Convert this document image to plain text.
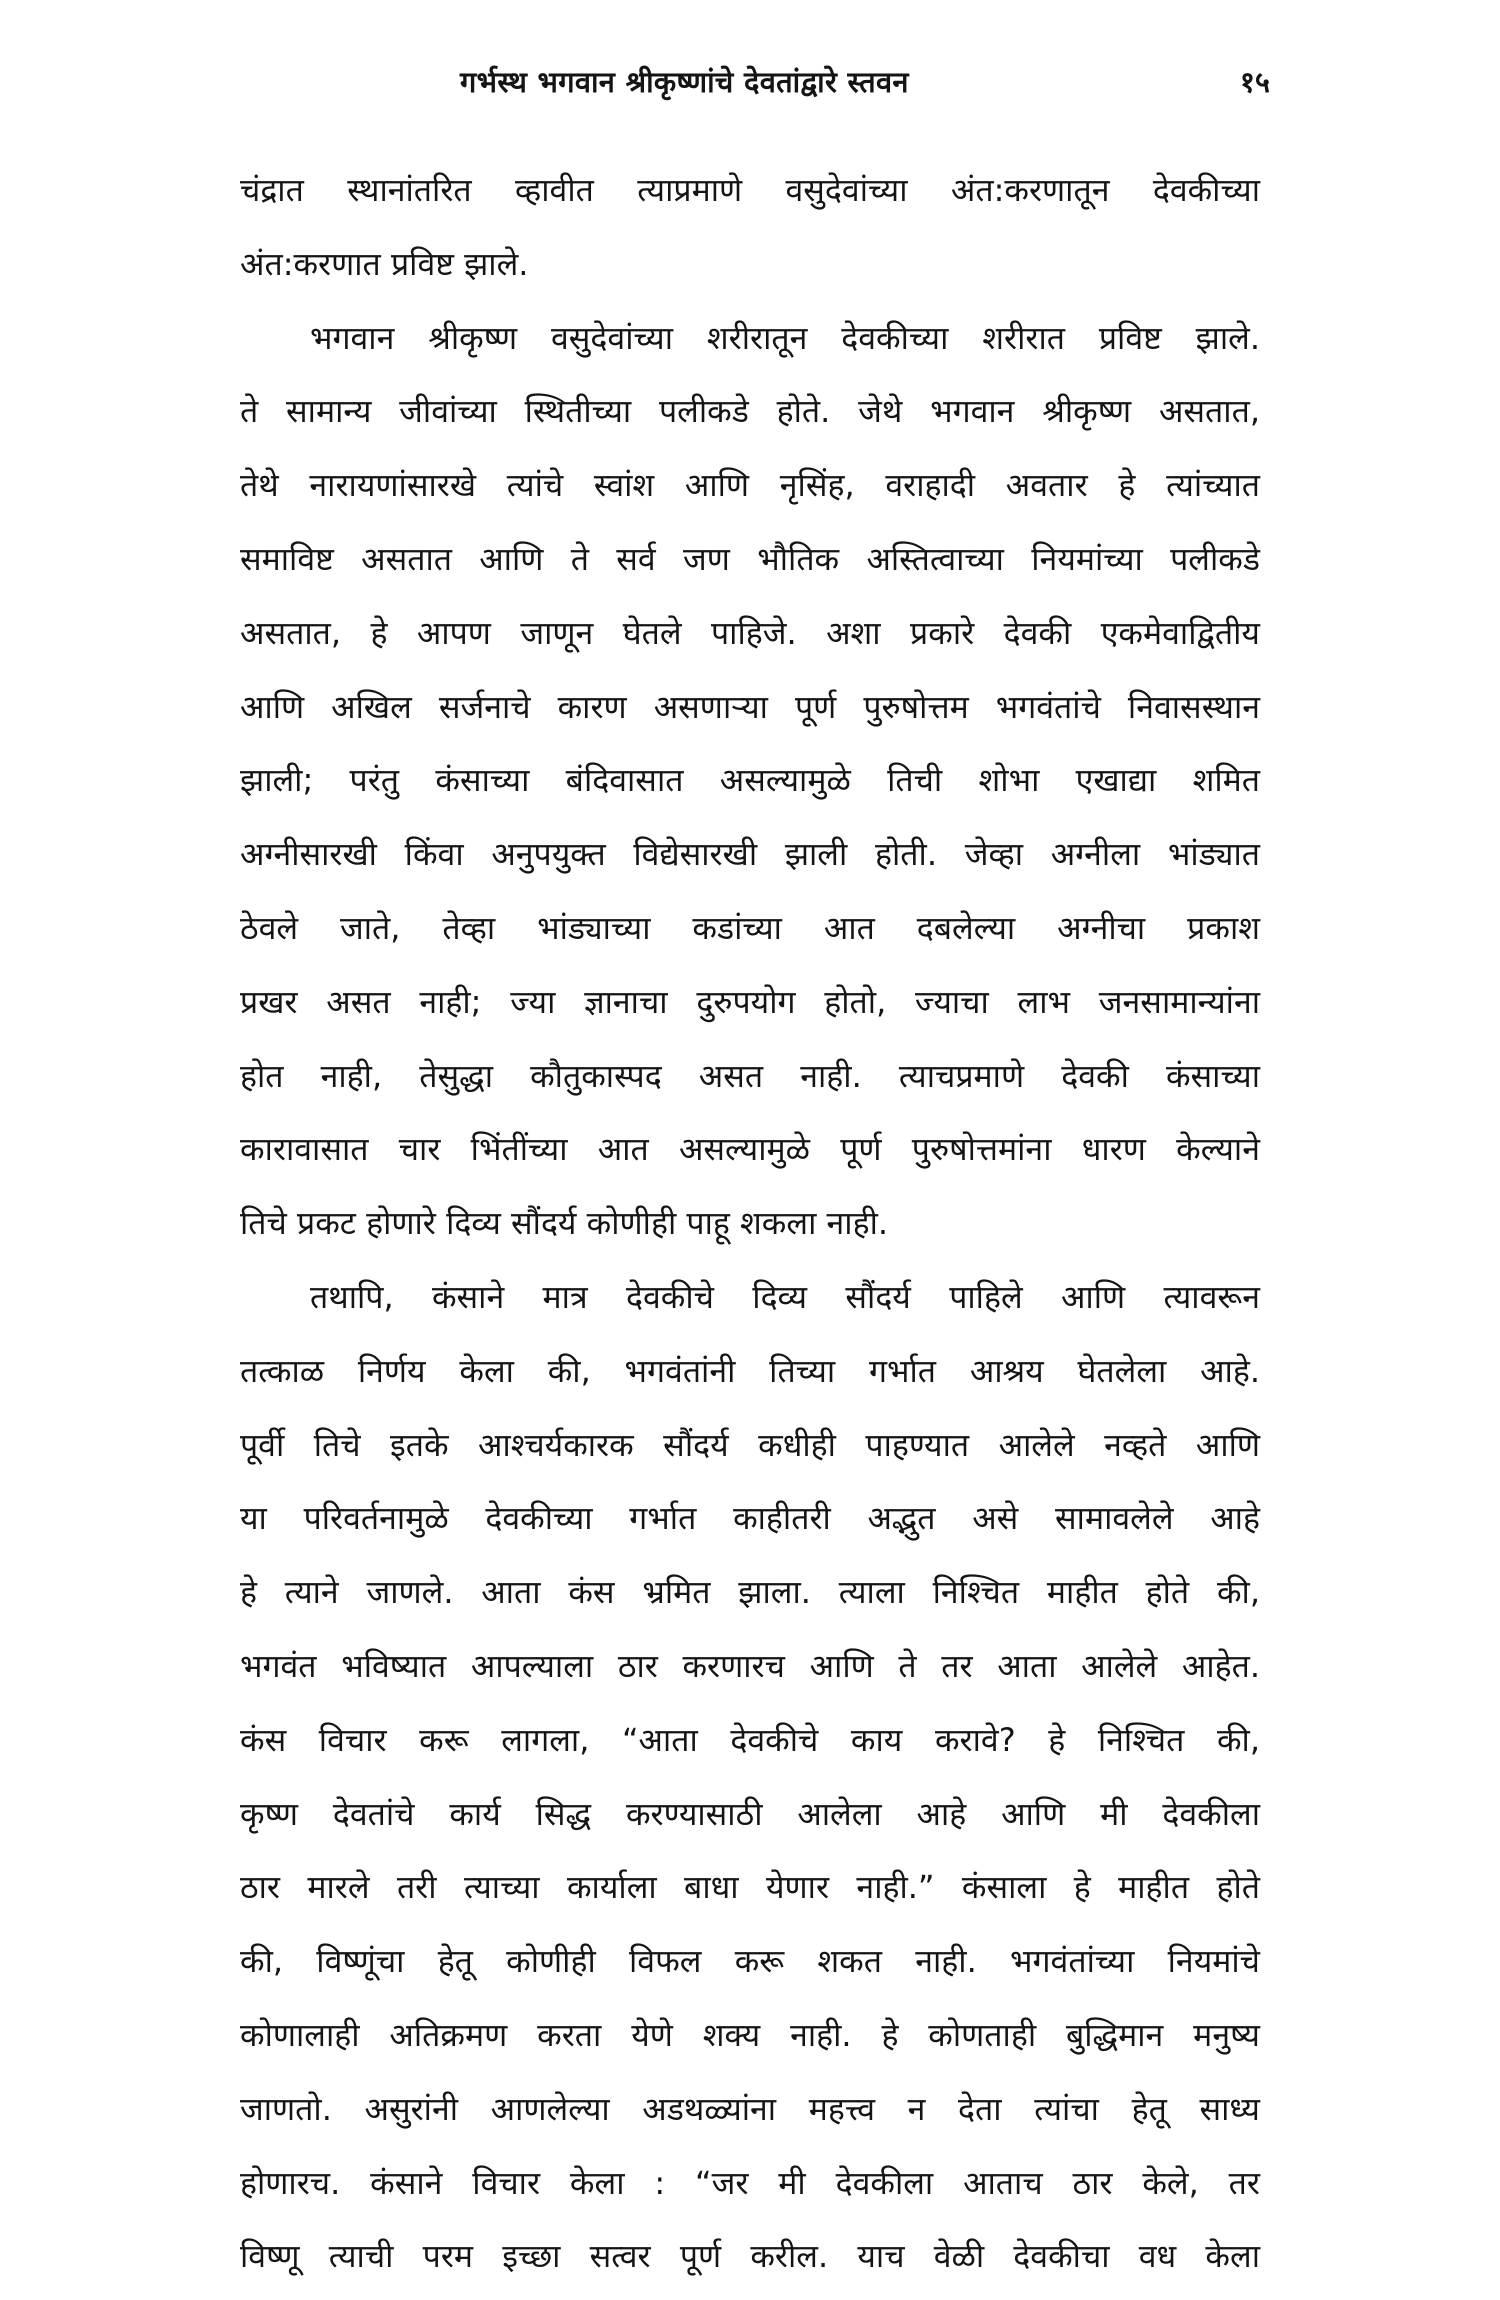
गर्भस्थ भगवान श्रीकृष्णांचे देवतांद्वारे स्तवन	१५
चंद्रात स्थानांतरित व्हावीत त्याप्रमाणे वसुदेवांच्या अंत:करणातून देवकीच्या
अंत:करणात प्रविष्ट झाले.
भगवान श्रीकृष्ण वसुदेवांच्या शरीरातून देवकीच्या शरीरात प्रविष्ट झाले.
ते सामान्य जीवांच्या स्थितीच्या पलीकडे होते. जेथे भगवान श्रीकृष्ण असतात,
तेथे नारायणांसारखे त्यांचे स्वांश आणि नृसिंह, वराहादी अवतार हे त्यांच्यात
समाविष्ट असतात आणि ते सर्व जण भौतिक अस्तित्वाच्या नियमांच्या पलीकडे
असतात, हे आपण जाणून घेतले पाहिजे. अशा प्रकारे देवकी एकमेवाद्वितीय
आणि अखिल सर्जनाचे कारण असणाऱ्या पूर्ण पुरुषोत्तम भगवंतांचे निवासस्थान
झाली; परंतु कंसाच्या बंदिवासात असल्यामुळे तिची शोभा एखाद्या शमित
अग्नीसारखी किंवा अनुपयुक्त विद्येसारखी झाली होती. जेव्हा अग्नीला भांड्यात
ठेवले जाते, तेव्हा भांड्याच्या कडांच्या आत दबलेल्या अग्नीचा प्रकाश
प्रखर असत नाही; ज्या ज्ञानाचा दुरुपयोग होतो, ज्याचा लाभ जनसामान्यांना
होत नाही, तेसुद्धा कौतुकास्पद असत नाही. त्याचप्रमाणे देवकी कंसाच्या
कारावासात चार भिंतींच्या आत असल्यामुळे पूर्ण पुरुषोत्तमांना धारण केल्याने
तिचे प्रकट होणारे दिव्य सौंदर्य कोणीही पाहू शकला नाही.
तथापि, कंसाने मात्र देवकीचे दिव्य सौंदर्य पाहिले आणि त्यावरून
तत्काळ निर्णय केला की, भगवंतांनी तिच्या गर्भात आश्रय घेतलेला आहे.
पूर्वी तिचे इतके आश्चर्यकारक सौंदर्य कधीही पाहण्यात आलेले नव्हते आणि
या परिवर्तनामुळे देवकीच्या गर्भात काहीतरी अद्भुत असे सामावलेले आहे
हे त्याने जाणले. आता कंस भ्रमित झाला. त्याला निश्चित माहीत होते की,
भगवंत भविष्यात आपल्याला ठार करणारच आणि ते तर आता आलेले आहेत.
कंस विचार करू लागला, “आता देवकीचे काय करावे? हे निश्चित की,
कृष्ण देवतांचे कार्य सिद्ध करण्यासाठी आलेला आहे आणि मी देवकीला
ठार मारले तरी त्याच्या कार्याला बाधा येणार नाही.” कंसाला हे माहीत होते
की, विष्णूंचा हेतू कोणीही विफल करू शकत नाही. भगवंतांच्या नियमांचे
कोणालाही अतिक्रमण करता येणे शक्य नाही. हे कोणताही बुद्धिमान मनुष्य
जाणतो. असुरांनी आणलेल्या अडथळ्यांना महत्त्व न देता त्यांचा हेतू साध्य
होणारच. कंसाने विचार केला : “जर मी देवकीला आताच ठार केले, तर
विष्णू त्याची परम इच्छा सत्वर पूर्ण करील. याच वेळी देवकीचा वध केला
